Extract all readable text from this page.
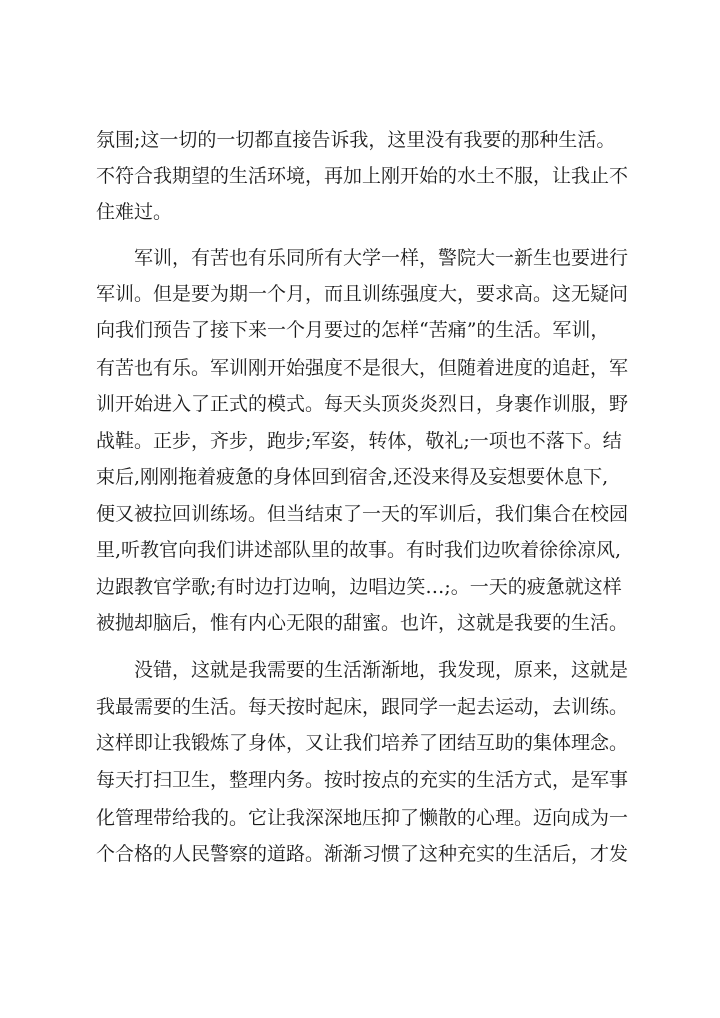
氛围;这一切的一切都直接告诉我，这里没有我要的那种生活。
不符合我期望的生活环境，再加上刚开始的水土不服，让我止不
住难过。
　　军训，有苦也有乐同所有大学一样，警院大一新生也要进行
军训。但是要为期一个月，而且训练强度大，要求高。这无疑问
向我们预告了接下来一个月要过的怎样“苦痛”的生活。军训，
有苦也有乐。军训刚开始强度不是很大，但随着进度的追赶，军
训开始进入了正式的模式。每天头顶炎炎烈日，身裹作训服，野
战鞋。正步，齐步，跑步;军姿，转体，敬礼;一项也不落下。结
束后,刚刚拖着疲惫的身体回到宿舍,还没来得及妄想要休息下,
便又被拉回训练场。但当结束了一天的军训后，我们集合在校园
里,听教官向我们讲述部队里的故事。有时我们边吹着徐徐凉风,
边跟教官学歌;有时边打边响，边唱边笑…;。一天的疲惫就这样
被抛却脑后，惟有内心无限的甜蜜。也许，这就是我要的生活。
　　没错，这就是我需要的生活渐渐地，我发现，原来，这就是
我最需要的生活。每天按时起床，跟同学一起去运动，去训练。
这样即让我锻炼了身体，又让我们培养了团结互助的集体理念。
每天打扫卫生，整理内务。按时按点的充实的生活方式，是军事
化管理带给我的。它让我深深地压抑了懒散的心理。迈向成为一
个合格的人民警察的道路。渐渐习惯了这种充实的生活后，才发
